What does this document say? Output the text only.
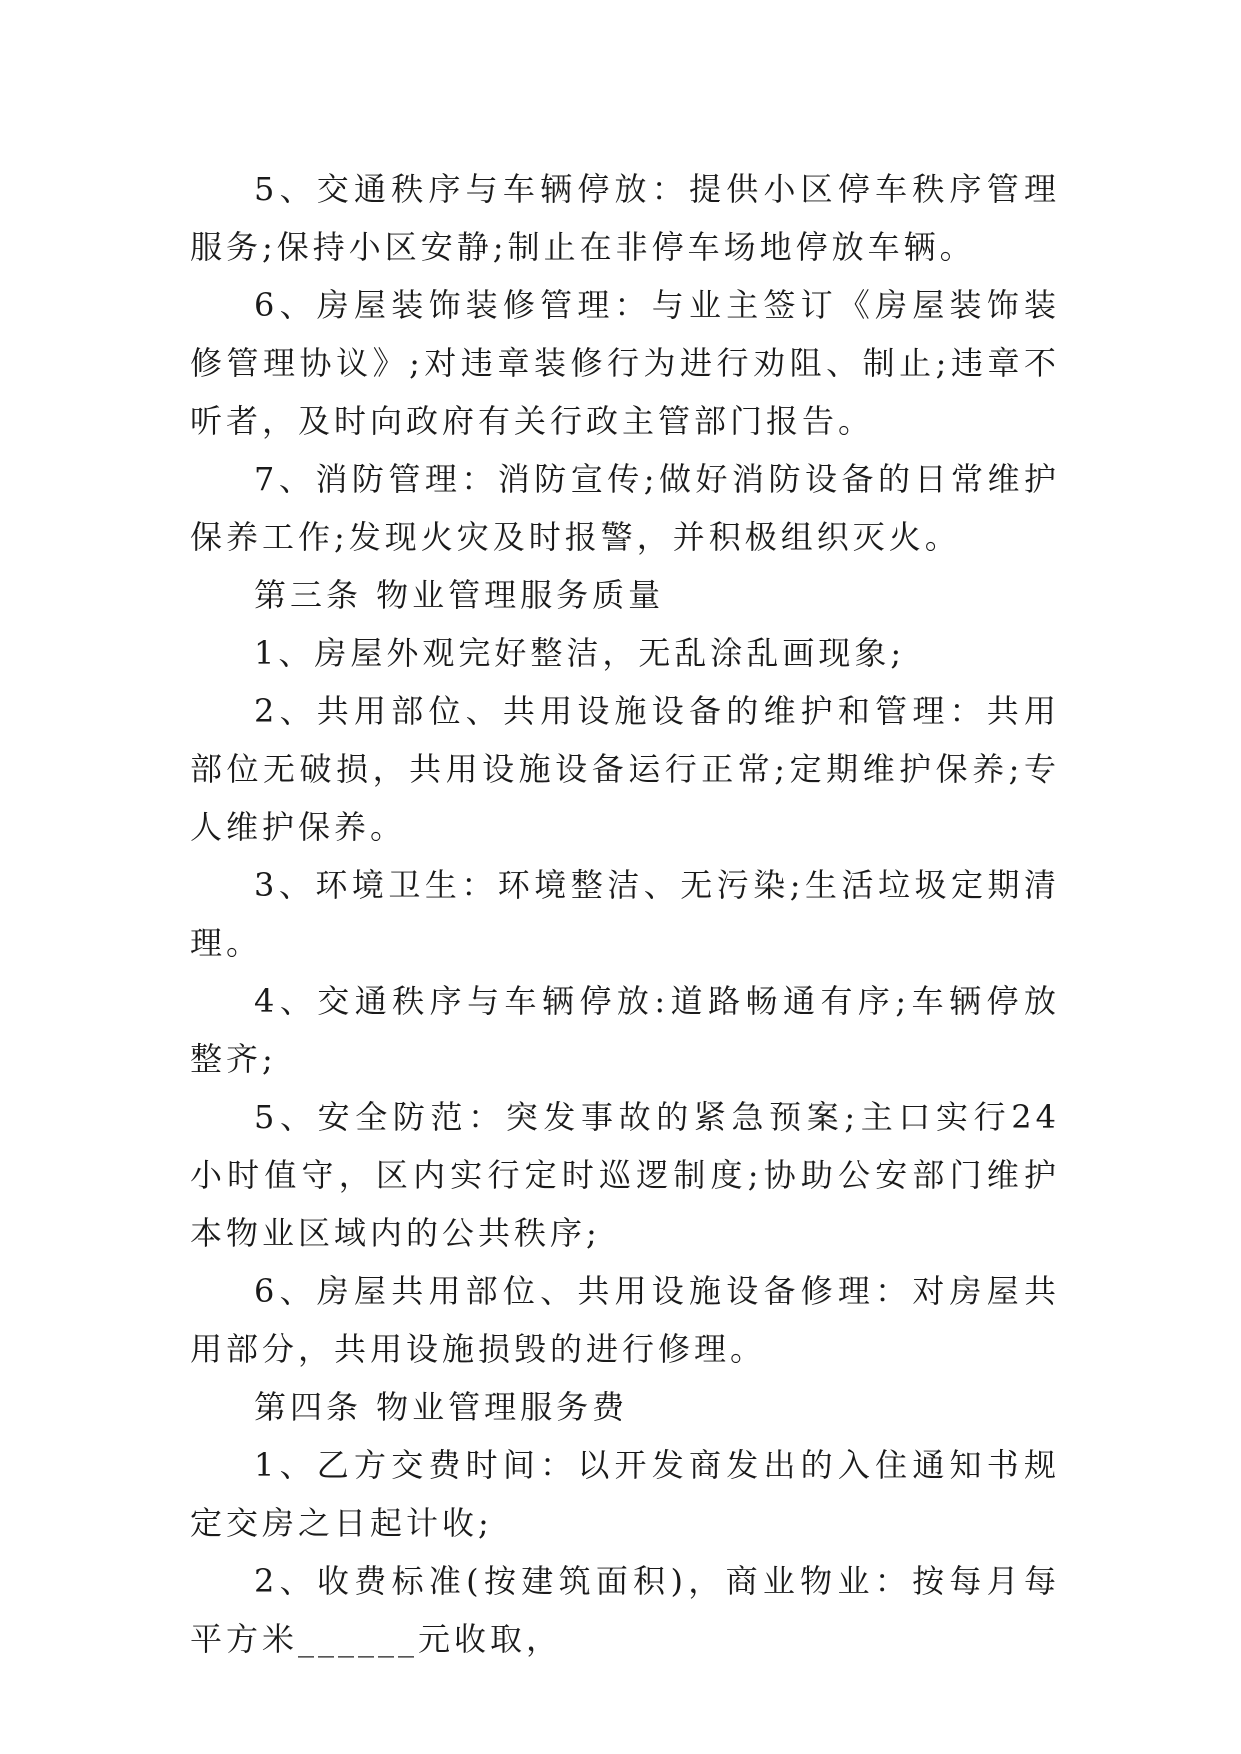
5、交通秩序与车辆停放：提供小区停车秩序管理服务;保持小区安静;制止在非停车场地停放车辆。

6、房屋装饰装修管理：与业主签订《房屋装饰装修管理协议》;对违章装修行为进行劝阻、制止;违章不听者，及时向政府有关行政主管部门报告。

7、消防管理：消防宣传;做好消防设备的日常维护保养工作;发现火灾及时报警，并积极组织灭火。

第三条 物业管理服务质量

1、房屋外观完好整洁，无乱涂乱画现象;

2、共用部位、共用设施设备的维护和管理：共用部位无破损，共用设施设备运行正常;定期维护保养;专人维护保养。

3、环境卫生：环境整洁、无污染;生活垃圾定期清理。

4、交通秩序与车辆停放:道路畅通有序;车辆停放整齐;

5、安全防范：突发事故的紧急预案;主口实行24小时值守，区内实行定时巡逻制度;协助公安部门维护本物业区域内的公共秩序;

6、房屋共用部位、共用设施设备修理：对房屋共用部分，共用设施损毁的进行修理。

第四条 物业管理服务费

1、乙方交费时间：以开发商发出的入住通知书规定交房之日起计收;

2、收费标准(按建筑面积)，商业物业：按每月每平方米______元收取，
